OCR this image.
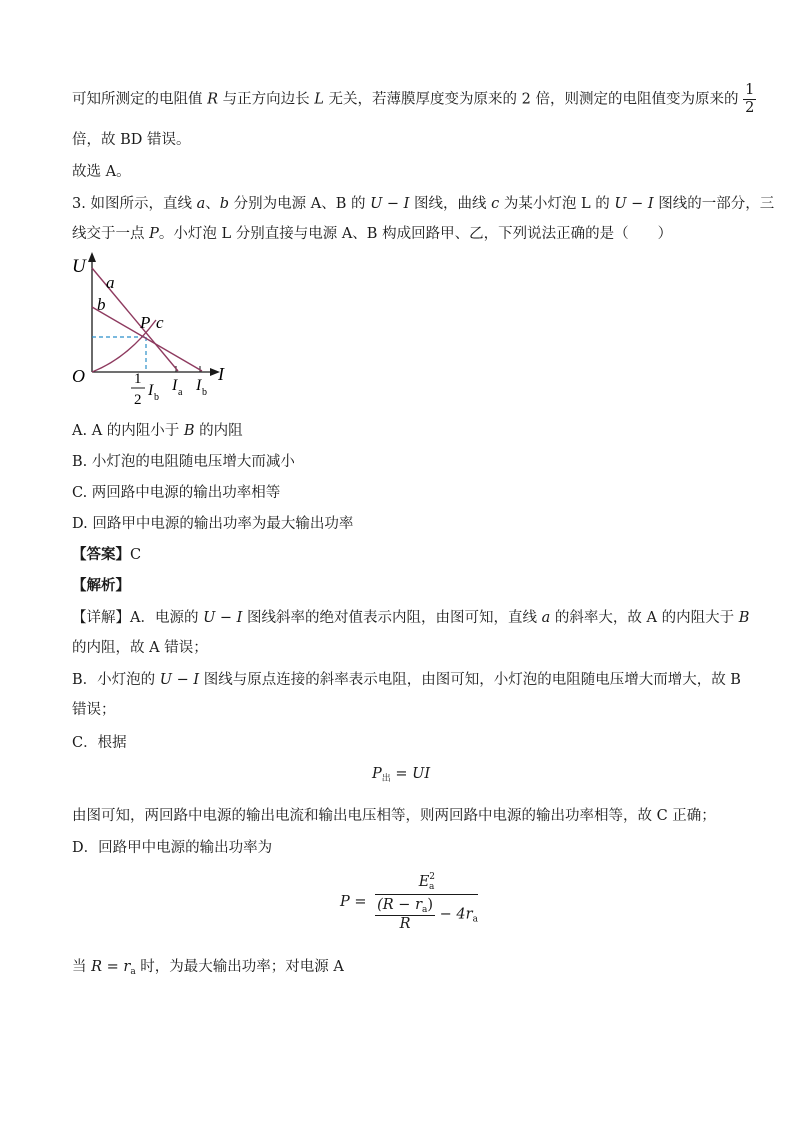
可知所测定的电阻值 R 与正方向边长 L 无关，若薄膜厚度变为原来的 2 倍，则测定的电阻值变为原来的 $\frac{1}{2}$
倍，故 BD 错误。
故选 A。
3. 如图所示，直线 a、b 分别为电源 A、B 的 U − I 图线，曲线 c 为某小灯泡 L 的 U − I 图线的一部分，三
线交于一点 P。小灯泡 L 分别直接与电源 A、B 构成回路甲、乙，下列说法正确的是（　　）
U
a
b
P c
I
O	1
2
I b
I a I b
A. A 的内阻小于 B 的内阻
B. 小灯泡的电阻随电压增大而减小
C. 两回路中电源的输出功率相等
D. 回路甲中电源的输出功率为最大输出功率
【答案】C
【解析】
【详解】A．电源的 U − I 图线斜率的绝对值表示内阻，由图可知，直线 a 的斜率大，故 A 的内阻大于 B
的内阻，故 A 错误；
B．小灯泡的 U − I 图线与原点连接的斜率表示电阻，由图可知，小灯泡的电阻随电压增大而增大，故 B
错误；
C．根据
$P_出$ = UI
由图可知，两回路中电源的输出电流和输出电压相等，则两回路中电源的输出功率相等，故 C 正确；
D．回路甲中电源的输出功率为
$P = \frac{E^2_a}{\frac{(R - r_a)}{R} - 4r_a}$
当 $R = r_a$ 时，为最大输出功率；对电源 A
